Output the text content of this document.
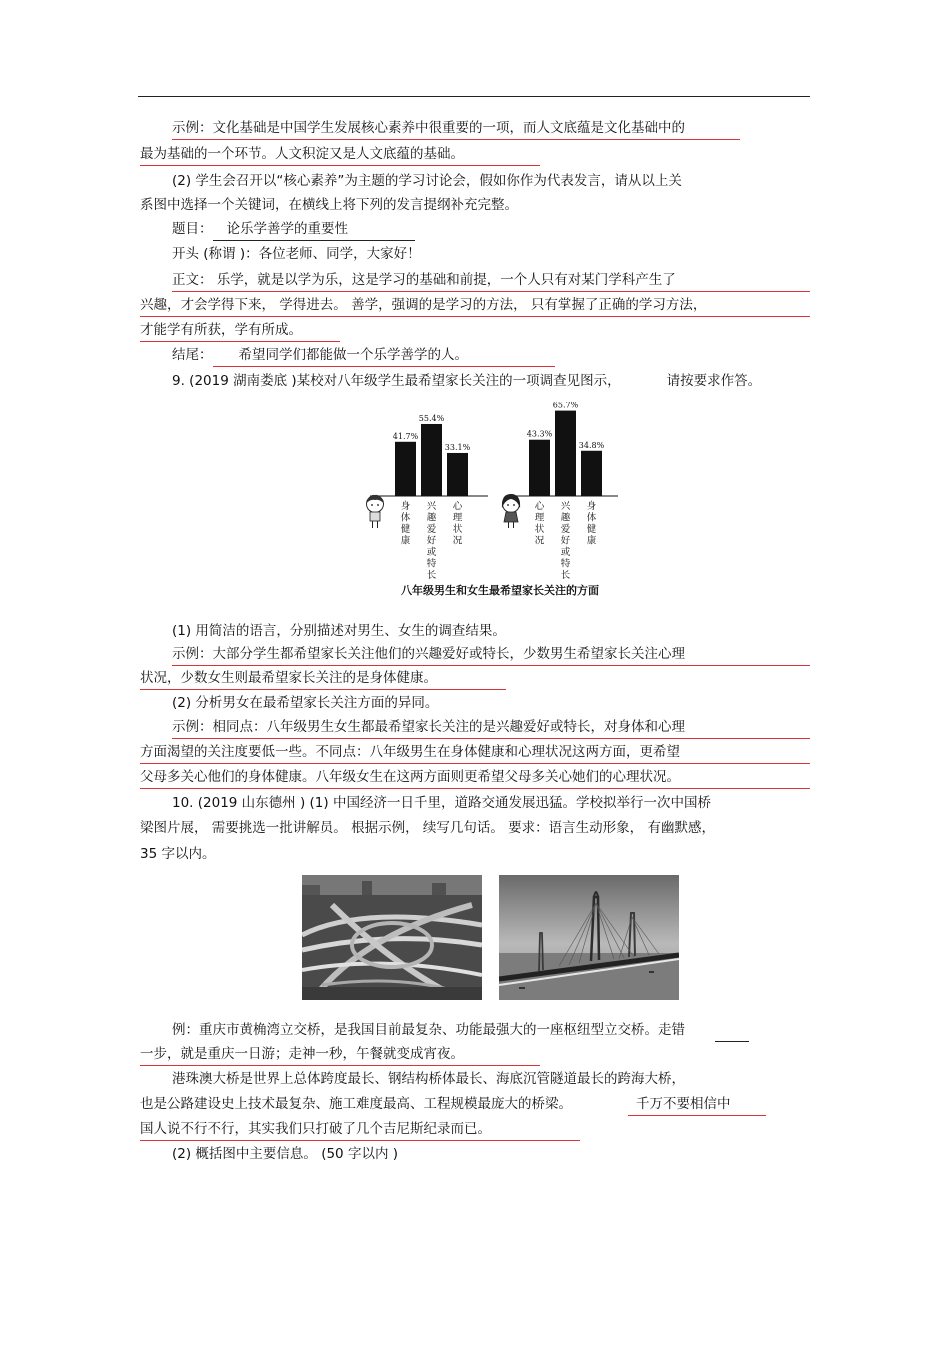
示例：文化基础是中国学生发展核心素养中很重要的一项，而人文底蕴是文化基础中的
最为基础的一个环节。人文积淀又是人文底蕴的基础。
(2) 学生会召开以“核心素养”为主题的学习讨论会，假如你作为代表发言，请从以上关
系图中选择一个关键词，在横线上将下列的发言提纲补充完整。
题目： 论乐学善学的重要性
开头 (称谓 )：各位老师、同学，大家好！
正文： 乐学，就是以学为乐，这是学习的基础和前提，一个人只有对某门学科产生了
兴趣，才会学得下来， 学得进去。 善学，强调的是学习的方法， 只有掌握了正确的学习方法，
才能学有所获，学有所成。
结尾： 希望同学们都能做一个乐学善学的人。
9. (2019 湖南娄底 )某校对八年级学生最希望家长关注的一项调查见图示，	请按要求作答。
41.7%
身体健康
55.4%
兴趣爱好或特长
33.1%
心理状况
43.3%
心理状况
65.7%
兴趣爱好或特长
34.8%
身体健康
八年级男生和女生最希望家长关注的方面
(1) 用简洁的语言，分别描述对男生、女生的调查结果。
示例：大部分学生都希望家长关注他们的兴趣爱好或特长，少数男生希望家长关注心理
状况，少数女生则最希望家长关注的是身体健康。
(2) 分析男女在最希望家长关注方面的异同。
示例：相同点：八年级男生女生都最希望家长关注的是兴趣爱好或特长，对身体和心理
方面渴望的关注度要低一些。不同点：八年级男生在身体健康和心理状况这两方面，更希望
父母多关心他们的身体健康。八年级女生在这两方面则更希望父母多关心她们的心理状况。
10. (2019 山东德州 ) (1) 中国经济一日千里，道路交通发展迅猛。学校拟举行一次中国桥
梁图片展， 需要挑选一批讲解员。 根据示例， 续写几句话。 要求：语言生动形象， 有幽默感，
35 字以内。
例：重庆市黄桷湾立交桥，是我国目前最复杂、功能最强大的一座枢纽型立交桥。走错
一步，就是重庆一日游；走神一秒，午餐就变成宵夜。
港珠澳大桥是世界上总体跨度最长、钢结构桥体最长、海底沉管隧道最长的跨海大桥，
也是公路建设史上技术最复杂、施工难度最高、工程规模最庞大的桥梁。	千万不要相信中
国人说不行不行，其实我们只打破了几个吉尼斯纪录而已。
(2) 概括图中主要信息。 (50 字以内 )
